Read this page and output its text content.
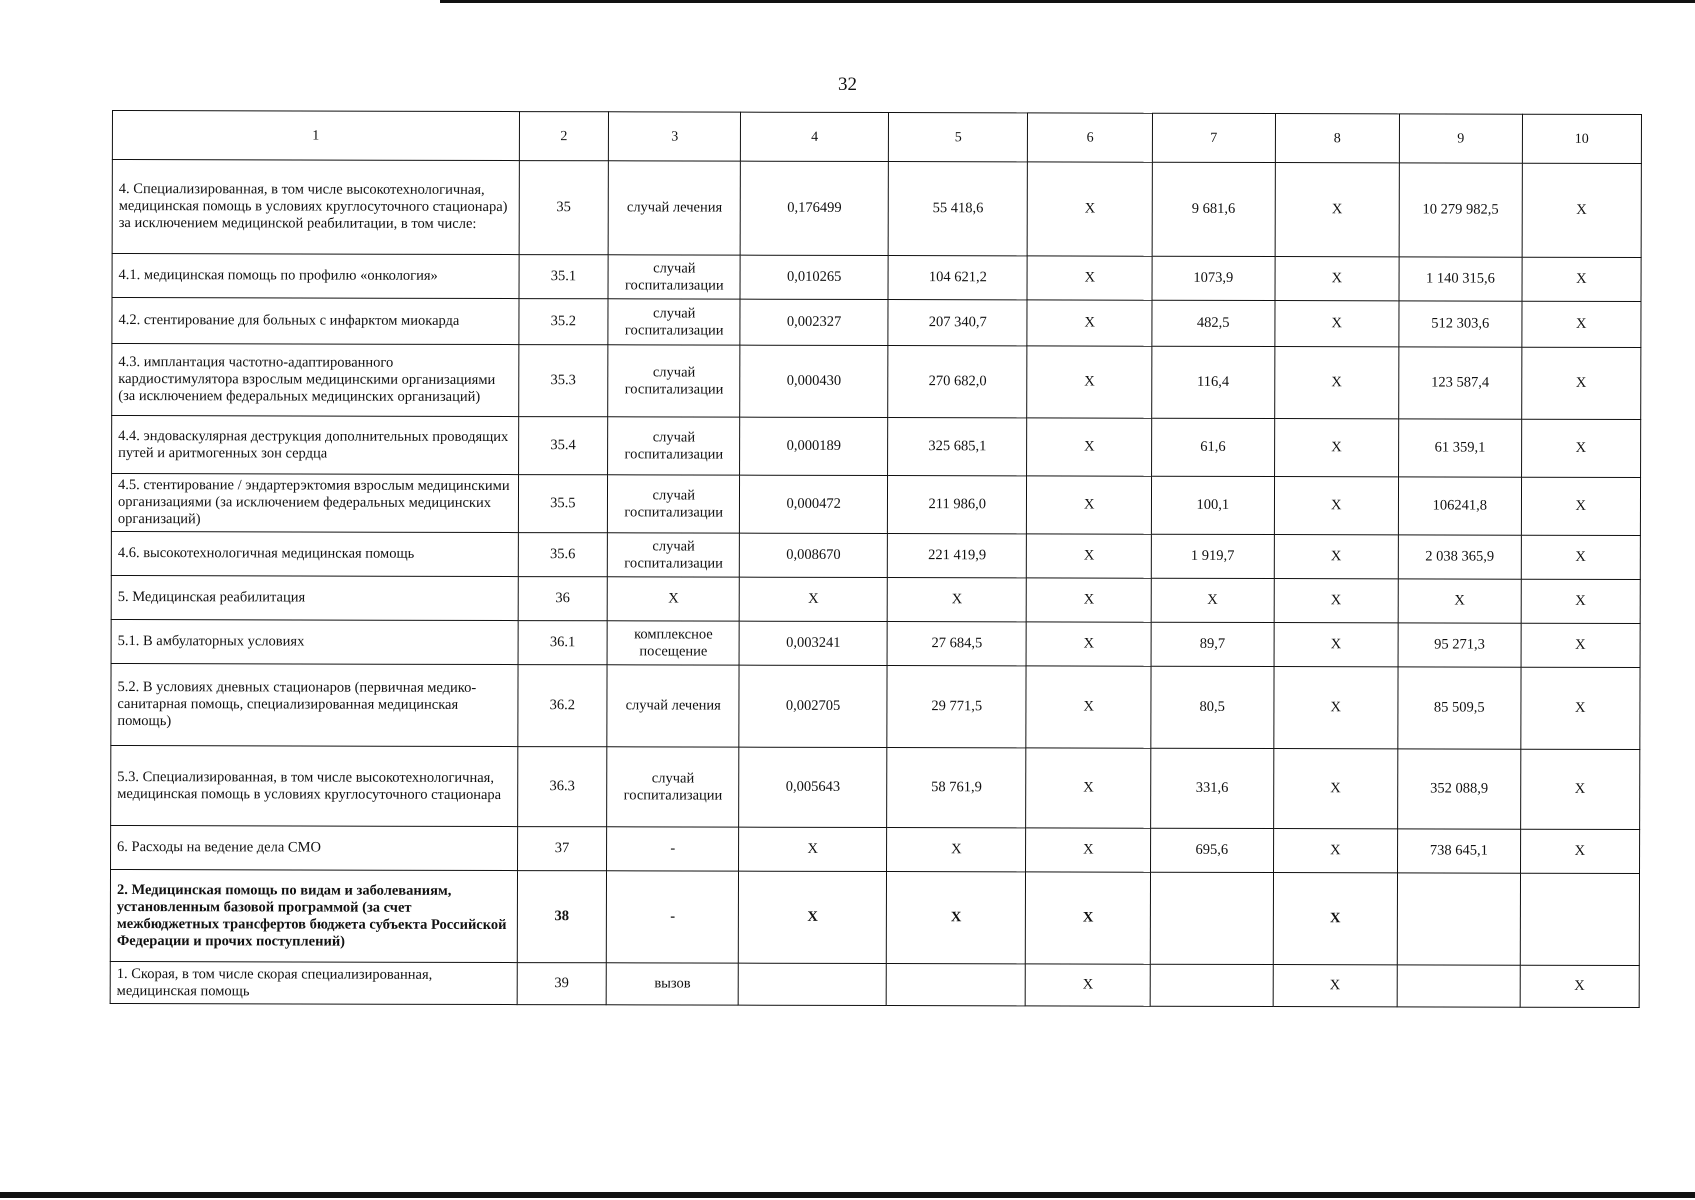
32
1	2	3	4	5	6	7	8	9	10
4. Специализированная, в том числе высокотехнологичная, медицинская помощь в условиях круглосуточного стационара) за исключением медицинской реабилитации, в том числе:	35	случай лечения	0,176499	55 418,6	X	9 681,6	X	10 279 982,5	X
4.1. медицинская помощь по профилю «онкология»	35.1	случай госпитализации	0,010265	104 621,2	X	1073,9	X	1 140 315,6	X
4.2. стентирование для больных с инфарктом миокарда	35.2	случай госпитализации	0,002327	207 340,7	X	482,5	X	512 303,6	X
4.3. имплантация частотно-адаптированного кардиостимулятора взрослым медицинскими организациями (за исключением федеральных медицинских организаций)	35.3	случай госпитализации	0,000430	270 682,0	X	116,4	X	123 587,4	X
4.4. эндоваскулярная деструкция дополнительных проводящих путей и аритмогенных зон сердца	35.4	случай госпитализации	0,000189	325 685,1	X	61,6	X	61 359,1	X
4.5. стентирование / эндартерэктомия взрослым медицинскими организациями (за исключением федеральных медицинских организаций)	35.5	случай госпитализации	0,000472	211 986,0	X	100,1	X	106241,8	X
4.6. высокотехнологичная медицинская помощь	35.6	случай госпитализации	0,008670	221 419,9	X	1 919,7	X	2 038 365,9	X
5. Медицинская реабилитация	36	X	X	X	X	X	X	X	X
5.1. В амбулаторных условиях	36.1	комплексное посещение	0,003241	27 684,5	X	89,7	X	95 271,3	X
5.2. В условиях дневных стационаров (первичная медико-санитарная помощь, специализированная медицинская помощь)	36.2	случай лечения	0,002705	29 771,5	X	80,5	X	85 509,5	X
5.3. Специализированная, в том числе высокотехнологичная, медицинская помощь в условиях круглосуточного стационара	36.3	случай госпитализации	0,005643	58 761,9	X	331,6	X	352 088,9	X
6. Расходы на ведение дела СМО	37	-	X	X	X	695,6	X	738 645,1	X
2. Медицинская помощь по видам и заболеваниям, установленным базовой программой (за счет межбюджетных трансфертов бюджета субъекта Российской Федерации и прочих поступлений)	38	-	X	X	X		X		
1. Скорая, в том числе скорая специализированная, медицинская помощь	39	вызов			X		X		X
